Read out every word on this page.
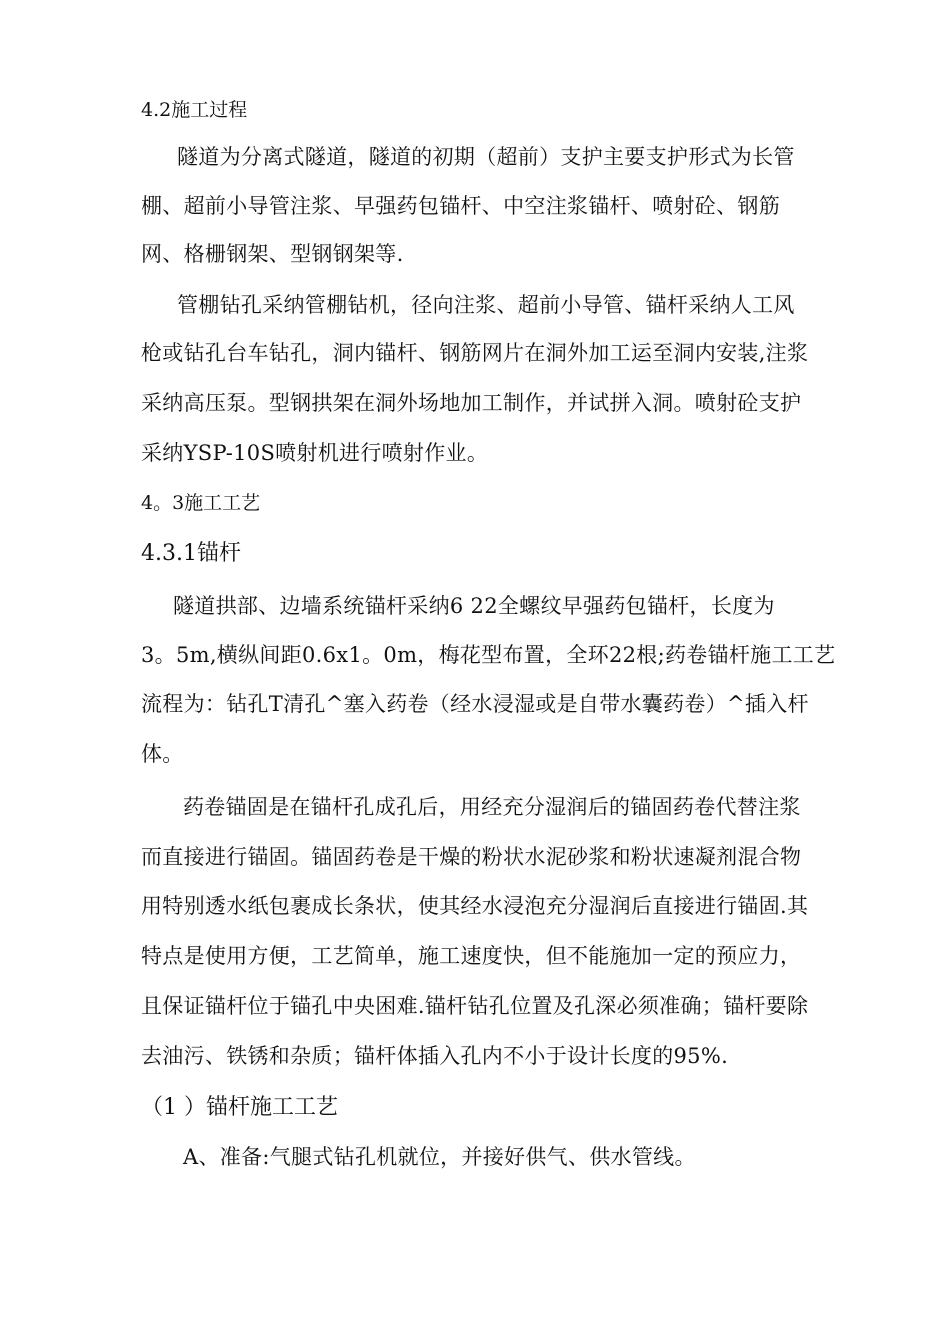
4.2施工过程
隧道为分离式隧道，隧道的初期（超前）支护主要支护形式为长管
棚、超前小导管注浆、早强药包锚杆、中空注浆锚杆、喷射砼、钢筋
网、格栅钢架、型钢钢架等.
管棚钻孔采纳管棚钻机，径向注浆、超前小导管、锚杆采纳人工风
枪或钻孔台车钻孔，洞内锚杆、钢筋网片在洞外加工运至洞内安装,注浆
采纳高压泵。型钢拱架在洞外场地加工制作，并试拼入洞。喷射砼支护
采纳YSP-10S喷射机进行喷射作业。
4。3施工工艺
4.3.1锚杆
隧道拱部、边墙系统锚杆采纳6 22全螺纹早强药包锚杆，长度为
3。5m,横纵间距0.6x1。0m，梅花型布置，全环22根;药卷锚杆施工工艺
流程为：钻孔T清孔^塞入药卷（经水浸湿或是自带水囊药卷）^插入杆
体。
药卷锚固是在锚杆孔成孔后，用经充分湿润后的锚固药卷代替注浆
而直接进行锚固。锚固药卷是干燥的粉状水泥砂浆和粉状速凝剂混合物
用特别透水纸包裹成长条状，使其经水浸泡充分湿润后直接进行锚固.其
特点是使用方便，工艺简单，施工速度快，但不能施加一定的预应力，
且保证锚杆位于锚孔中央困难.锚杆钻孔位置及孔深必须准确；锚杆要除
去油污、铁锈和杂质；锚杆体插入孔内不小于设计长度的95%.
（1 ）锚杆施工工艺
A、准备:气腿式钻孔机就位，并接好供气、供水管线。
